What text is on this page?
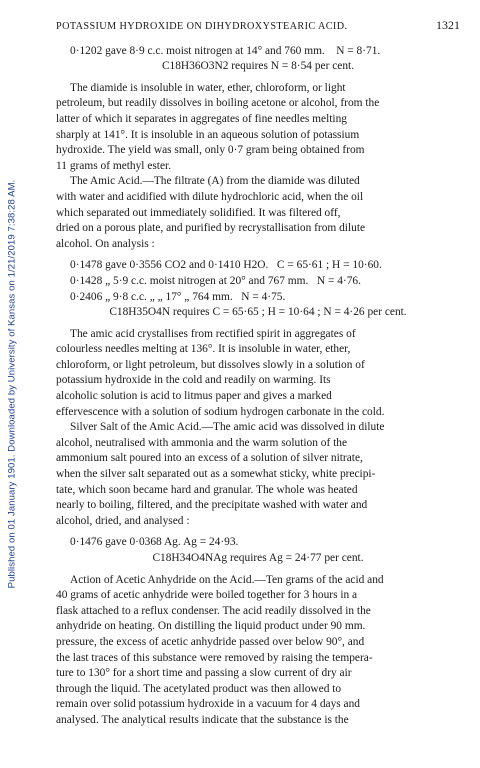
Published on 01 January 1901. Downloaded by University of Kansas on 1/21/2019 7:38:28 AM.
POTASSIUM HYDROXIDE ON DIHYDROXYSTEARIC ACID.	1321
0·1202 gave 8·9 c.c. moist nitrogen at 14° and 760 mm. N = 8·71.
C18H36O3N2 requires N = 8·54 per cent.
The diamide is insoluble in water, ether, chloroform, or light
petroleum, but readily dissolves in boiling acetone or alcohol, from the
latter of which it separates in aggregates of fine needles melting
sharply at 141°. It is insoluble in an aqueous solution of potassium
hydroxide. The yield was small, only 0·7 gram being obtained from
11 grams of methyl ester.
The Amic Acid.—The filtrate (A) from the diamide was diluted
with water and acidified with dilute hydrochloric acid, when the oil
which separated out immediately solidified. It was filtered off,
dried on a porous plate, and purified by recrystallisation from dilute
alcohol. On analysis :
0·1478 gave 0·3556 CO2 and 0·1410 H2O. C = 65·61 ; H = 10·60.
0·1428 „ 5·9 c.c. moist nitrogen at 20° and 767 mm. N = 4·76.
0·2406 „ 9·8 c.c. „ „ 17° „ 764 mm. N = 4·75.
C18H35O4N requires C = 65·65 ; H = 10·64 ; N = 4·26 per cent.
The amic acid crystallises from rectified spirit in aggregates of
colourless needles melting at 136°. It is insoluble in water, ether,
chloroform, or light petroleum, but dissolves slowly in a solution of
potassium hydroxide in the cold and readily on warming. Its
alcoholic solution is acid to litmus paper and gives a marked
effervescence with a solution of sodium hydrogen carbonate in the cold.
Silver Salt of the Amic Acid.—The amic acid was dissolved in dilute
alcohol, neutralised with ammonia and the warm solution of the
ammonium salt poured into an excess of a solution of silver nitrate,
when the silver salt separated out as a somewhat sticky, white precipi-
tate, which soon became hard and granular. The whole was heated
nearly to boiling, filtered, and the precipitate washed with water and
alcohol, dried, and analysed :
0·1476 gave 0·0368 Ag. Ag = 24·93.
C18H34O4NAg requires Ag = 24·77 per cent.
Action of Acetic Anhydride on the Acid.—Ten grams of the acid and
40 grams of acetic anhydride were boiled together for 3 hours in a
flask attached to a reflux condenser. The acid readily dissolved in the
anhydride on heating. On distilling the liquid product under 90 mm.
pressure, the excess of acetic anhydride passed over below 90°, and
the last traces of this substance were removed by raising the tempera-
ture to 130° for a short time and passing a slow current of dry air
through the liquid. The acetylated product was then allowed to
remain over solid potassium hydroxide in a vacuum for 4 days and
analysed. The analytical results indicate that the substance is the
